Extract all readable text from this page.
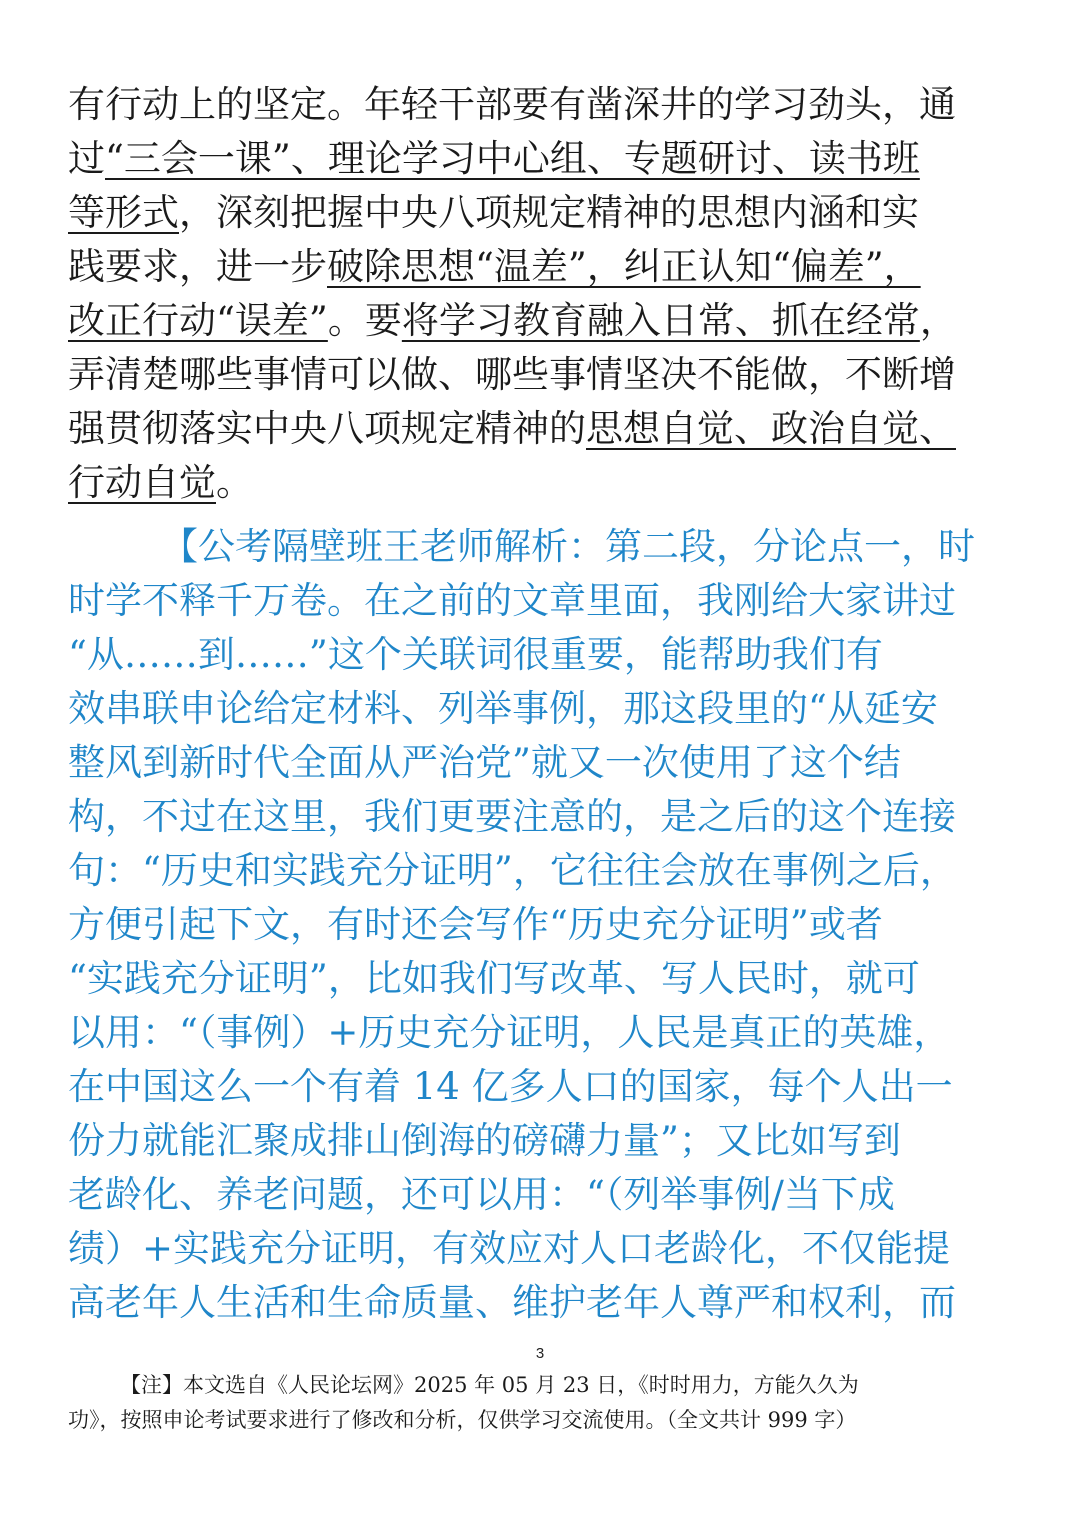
有行动上的坚定。年轻干部要有凿深井的学习劲头，通
过“三会一课”、理论学习中心组、专题研讨、读书班
等形式，深刻把握中央八项规定精神的思想内涵和实
践要求，进一步破除思想“温差”，纠正认知“偏差”，
改正行动“误差”。要将学习教育融入日常、抓在经常，
弄清楚哪些事情可以做、哪些事情坚决不能做，不断增
强贯彻落实中央八项规定精神的思想自觉、政治自觉、
行动自觉。
【公考隔壁班王老师解析：第二段，分论点一，时
时学不释千万卷。在之前的文章里面，我刚给大家讲过
“从……到……”这个关联词很重要，能帮助我们有
效串联申论给定材料、列举事例，那这段里的“从延安
整风到新时代全面从严治党”就又一次使用了这个结
构，不过在这里，我们更要注意的，是之后的这个连接
句：“历史和实践充分证明”，它往往会放在事例之后，
方便引起下文，有时还会写作“历史充分证明”或者
“实践充分证明”，比如我们写改革、写人民时，就可
以用：“（事例）+历史充分证明，人民是真正的英雄，
在中国这么一个有着 14 亿多人口的国家，每个人出一
份力就能汇聚成排山倒海的磅礴力量”；又比如写到
老龄化、养老问题，还可以用：“（列举事例/当下成
绩）+实践充分证明，有效应对人口老龄化，不仅能提
高老年人生活和生命质量、维护老年人尊严和权利，而
3
【注】本文选自《人民论坛网》2025 年 05 月 23 日，《时时用力，方能久久为
功》，按照申论考试要求进行了修改和分析，仅供学习交流使用。（全文共计 999 字）
